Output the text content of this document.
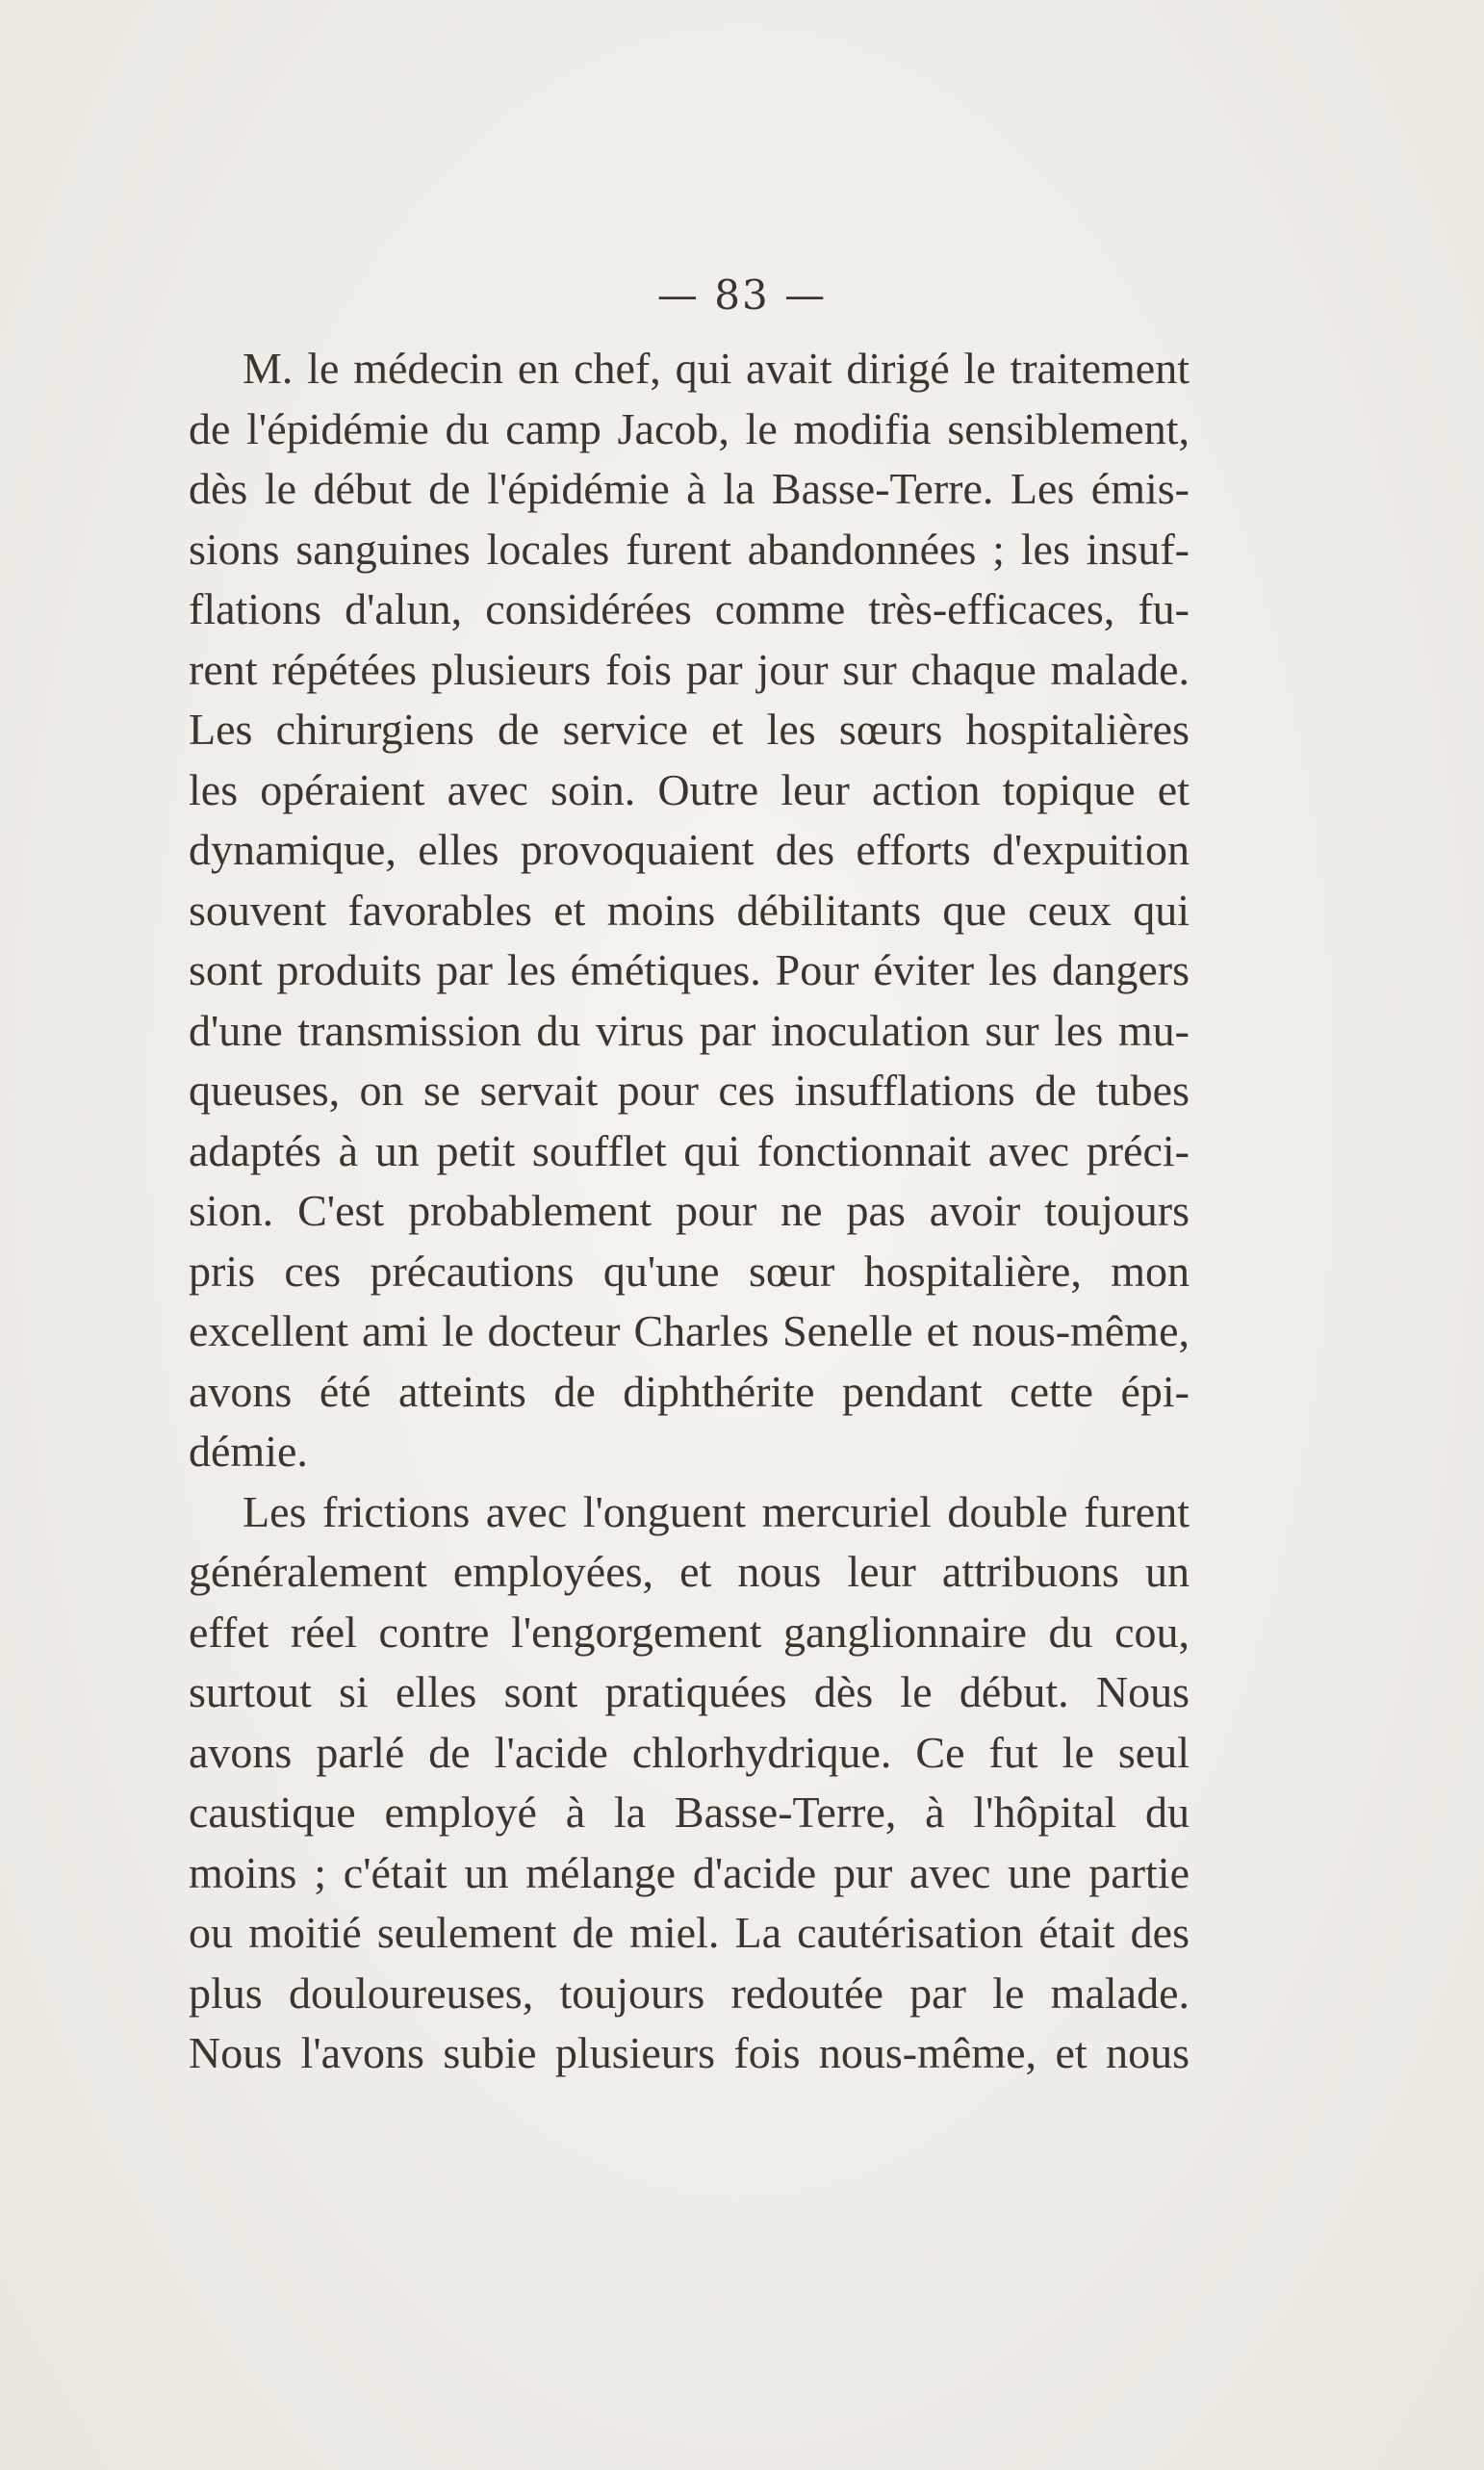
— 83 —
M. le médecin en chef, qui avait dirigé le traitement
de l'épidémie du camp Jacob, le modifia sensiblement,
dès le début de l'épidémie à la Basse-Terre. Les émis-
sions sanguines locales furent abandonnées ; les insuf-
flations d'alun, considérées comme très-efficaces, fu-
rent répétées plusieurs fois par jour sur chaque malade.
Les chirurgiens de service et les sœurs hospitalières
les opéraient avec soin. Outre leur action topique et
dynamique, elles provoquaient des efforts d'expuition
souvent favorables et moins débilitants que ceux qui
sont produits par les émétiques. Pour éviter les dangers
d'une transmission du virus par inoculation sur les mu-
queuses, on se servait pour ces insufflations de tubes
adaptés à un petit soufflet qui fonctionnait avec préci-
sion. C'est probablement pour ne pas avoir toujours
pris ces précautions qu'une sœur hospitalière, mon
excellent ami le docteur Charles Senelle et nous-même,
avons été atteints de diphthérite pendant cette épi-
démie.
Les frictions avec l'onguent mercuriel double furent
généralement employées, et nous leur attribuons un
effet réel contre l'engorgement ganglionnaire du cou,
surtout si elles sont pratiquées dès le début. Nous
avons parlé de l'acide chlorhydrique. Ce fut le seul
caustique employé à la Basse-Terre, à l'hôpital du
moins ; c'était un mélange d'acide pur avec une partie
ou moitié seulement de miel. La cautérisation était des
plus douloureuses, toujours redoutée par le malade.
Nous l'avons subie plusieurs fois nous-même, et nous
